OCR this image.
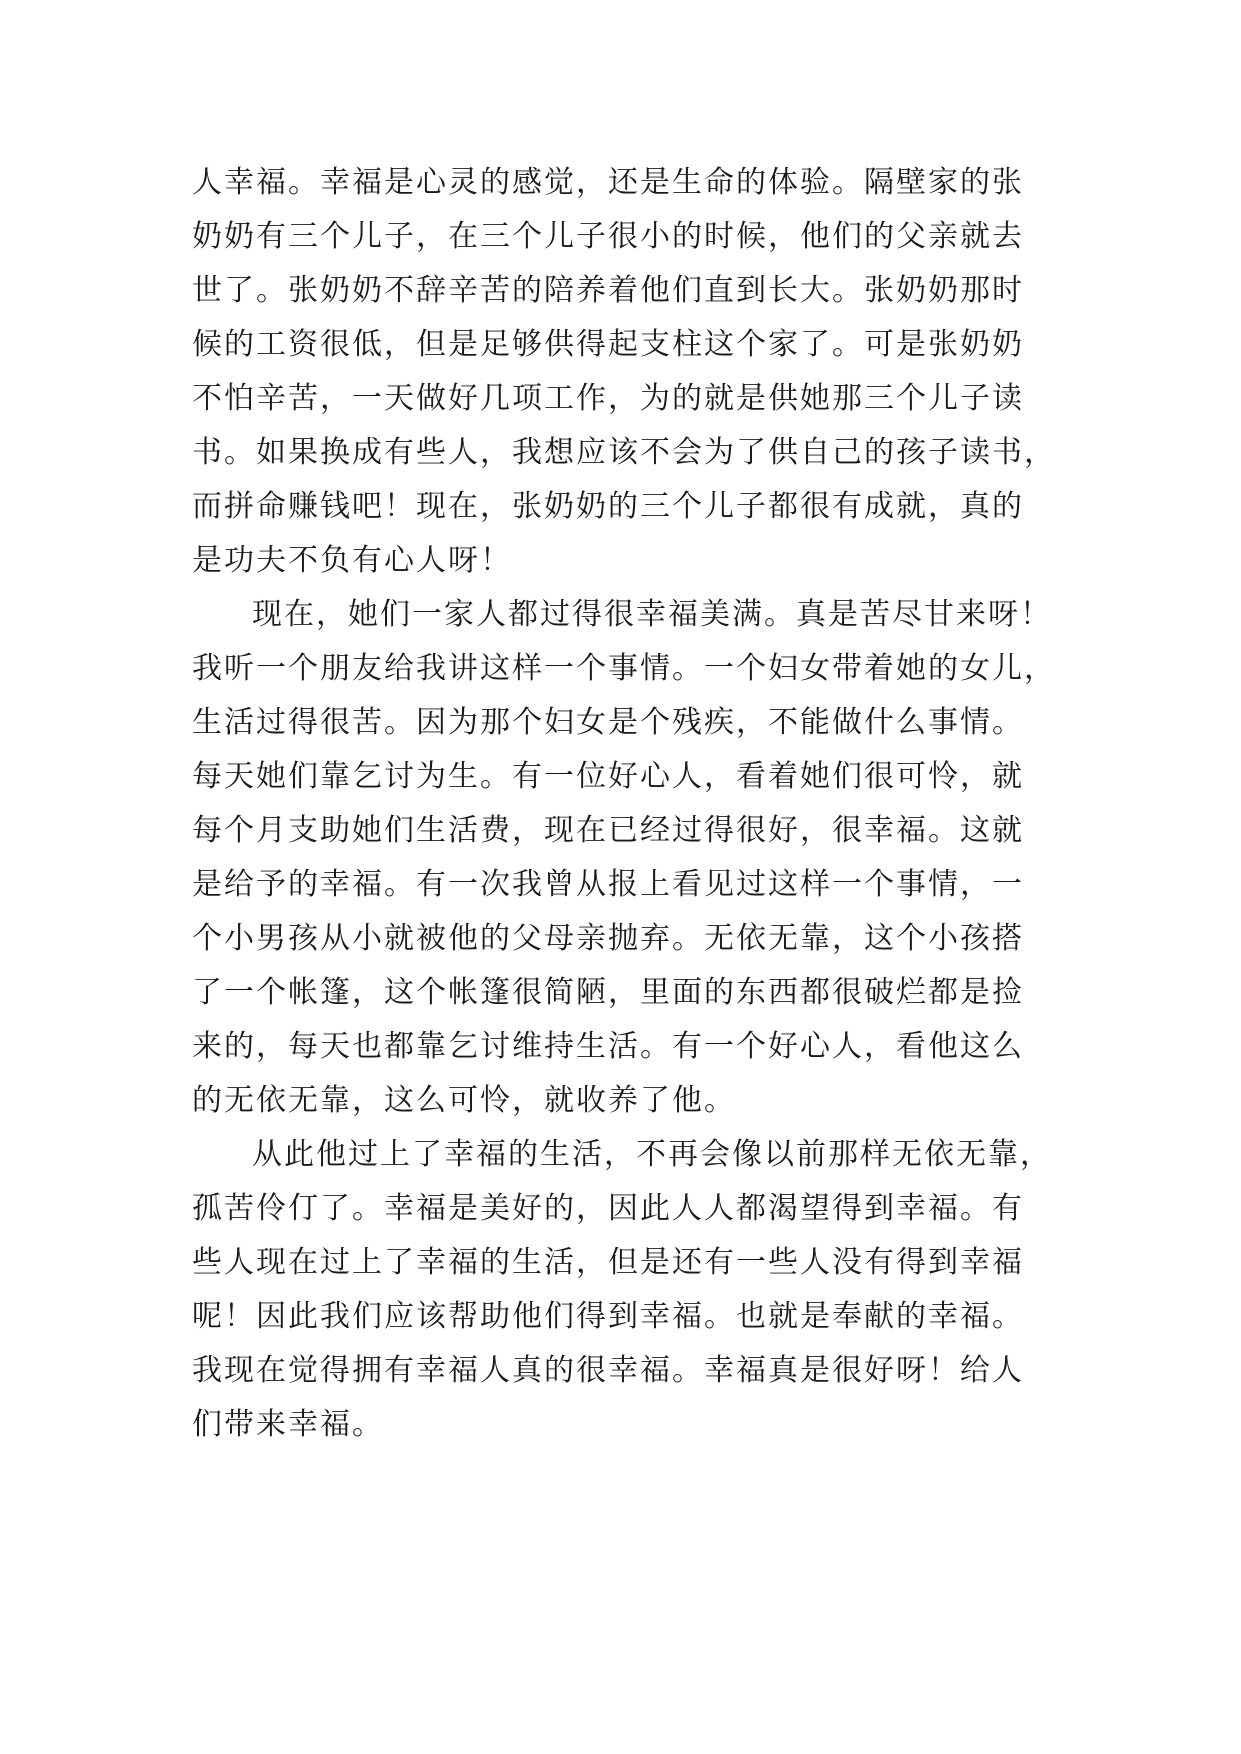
人幸福。幸福是心灵的感觉，还是生命的体验。隔壁家的张
奶奶有三个儿子，在三个儿子很小的时候，他们的父亲就去
世了。张奶奶不辞辛苦的陪养着他们直到长大。张奶奶那时
候的工资很低，但是足够供得起支柱这个家了。可是张奶奶
不怕辛苦，一天做好几项工作，为的就是供她那三个儿子读
书。如果换成有些人，我想应该不会为了供自己的孩子读书，
而拼命赚钱吧！现在，张奶奶的三个儿子都很有成就，真的
是功夫不负有心人呀！
现在，她们一家人都过得很幸福美满。真是苦尽甘来呀！
我听一个朋友给我讲这样一个事情。一个妇女带着她的女儿，
生活过得很苦。因为那个妇女是个残疾，不能做什么事情。
每天她们靠乞讨为生。有一位好心人，看着她们很可怜，就
每个月支助她们生活费，现在已经过得很好，很幸福。这就
是给予的幸福。有一次我曾从报上看见过这样一个事情，一
个小男孩从小就被他的父母亲抛弃。无依无靠，这个小孩搭
了一个帐篷，这个帐篷很简陋，里面的东西都很破烂都是捡
来的，每天也都靠乞讨维持生活。有一个好心人，看他这么
的无依无靠，这么可怜，就收养了他。
从此他过上了幸福的生活，不再会像以前那样无依无靠，
孤苦伶仃了。幸福是美好的，因此人人都渴望得到幸福。有
些人现在过上了幸福的生活，但是还有一些人没有得到幸福
呢！因此我们应该帮助他们得到幸福。也就是奉献的幸福。
我现在觉得拥有幸福人真的很幸福。幸福真是很好呀！给人
们带来幸福。
